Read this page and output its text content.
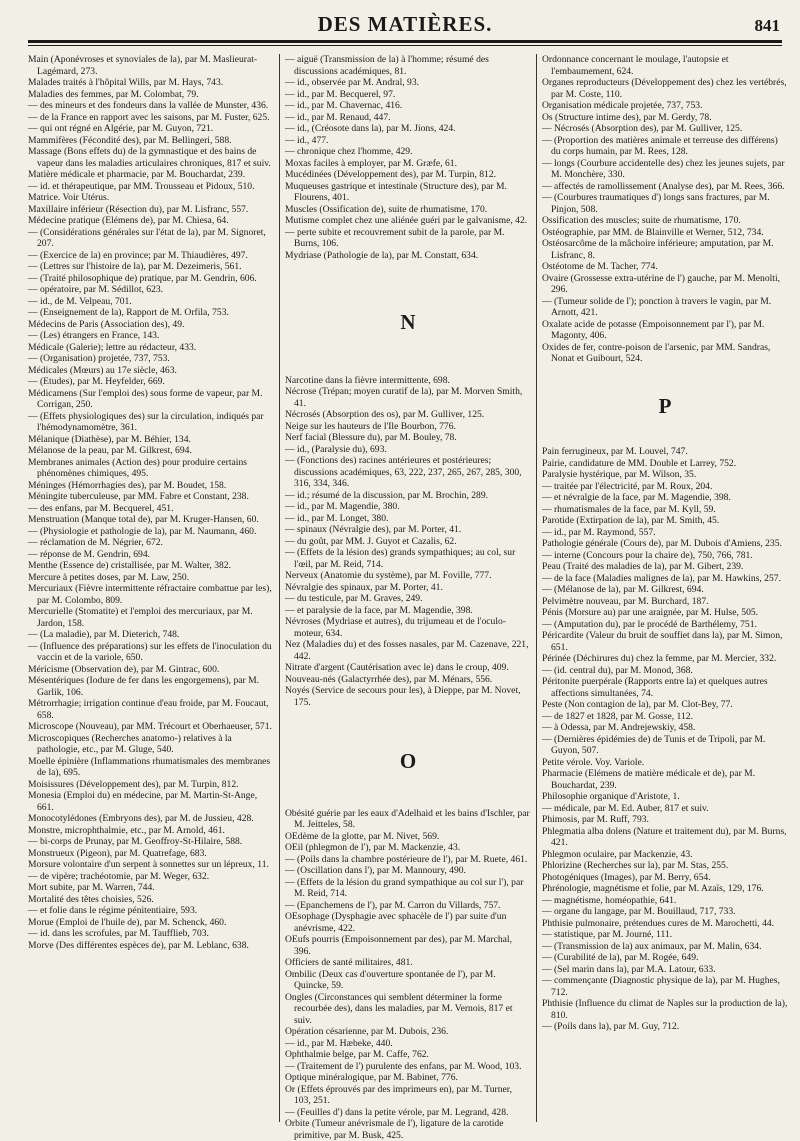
DES MATIÈRES.	841

Main (Aponévroses et synoviales de la), par M. Maslieurat-Lagémard, 273.

Malades traités à l'hôpital Wills, par M. Hays, 743.

Maladies des femmes, par M. Colombat, 79.

— des mineurs et des fondeurs dans la vallée de Munster, 436.

— de la France en rapport avec les saisons, par M. Fuster, 625.

— qui ont régné en Algérie, par M. Guyon, 721.

Mammifères (Fécondité des), par M. Bellingeri, 588.

Massage (Bons effets du) de la gymnastique et des bains de vapeur dans les maladies articulaires chroniques, 817 et suiv.

Matière médicale et pharmacie, par M. Bouchardat, 239.

— id. et thérapeutique, par MM. Trousseau et Pidoux, 510.

Matrice. Voir Utérus.

Maxillaire inférieur (Résection du), par M. Lisfranc, 557.

Médecine pratique (Elémens de), par M. Chiesa, 64.

— (Considérations générales sur l'état de la), par M. Signoret, 207.

— (Exercice de la) en province; par M. Thiaudières, 497.

— (Lettres sur l'histoire de la), par M. Dezeimeris, 561.

— (Traité philosophique de) pratique, par M. Gendrin, 606.

— opératoire, par M. Sédillot, 623.

— id., de M. Velpeau, 701.

— (Enseignement de la), Rapport de M. Orfila, 753.

Médecins de Paris (Association des), 49.

— (Les) étrangers en France, 143.

Médicale (Galerie); lettre au rédacteur, 433.

— (Organisation) projetée, 737, 753.

Médicales (Mœurs) au 17e siècle, 463.

— (Etudes), par M. Heyfelder, 669.

Médicamens (Sur l'emploi des) sous forme de vapeur, par M. Corrigan, 250.

— (Effets physiologiques des) sur la circulation, indiqués par l'hémodynamomètre, 361.

Mélanique (Diathèse), par M. Béhier, 134.

Mélanose de la peau, par M. Gilkrest, 694.

Membranes animales (Action des) pour produire certains phénomènes chimiques, 495.

Méninges (Hémorrhagies des), par M. Boudet, 158.

Méningite tuberculeuse, par MM. Fabre et Constant, 238.

— des enfans, par M. Becquerel, 451.

Menstruation (Manque total de), par M. Kruger-Hansen, 60.

— (Physiologie et pathologie de la), par M. Naumann, 460.

— réclamation de M. Négrier, 672.

— réponse de M. Gendrin, 694.

Menthe (Essence de) cristallisée, par M. Walter, 382.

Mercure à petites doses, par M. Law, 250.

Mercuriaux (Fièvre intermittente réfractaire combattue par les), par M. Colombo, 809.

Mercurielle (Stomatite) et l'emploi des mercuriaux, par M. Jardon, 158.

— (La maladie), par M. Dieterich, 748.

— (Influence des préparations) sur les effets de l'inoculation du vaccin et de la variole, 650.

Méricisme (Observation de), par M. Gintrac, 600.

Mésentériques (Iodure de fer dans les engorgemens), par M. Garlik, 106.

Métrorrhagie; irrigation continue d'eau froide, par M. Foucaut, 658.

Microscope (Nouveau), par MM. Trécourt et Oberhaeuser, 571.

Microscopiques (Recherches anatomo-) relatives à la pathologie, etc., par M. Gluge, 540.

Moelle épinière (Inflammations rhumatismales des membranes de la), 695.

Moisissures (Développement des), par M. Turpin, 812.

Monesia (Emploi du) en médecine, par M. Martin-St-Ange, 661.

Monocotylédones (Embryons des), par M. de Jussieu, 428.

Monstre, microphthalmie, etc., par M. Arnold, 461.

— bi-corps de Prunay, par M. Geoffroy-St-Hilaire, 588.

Monstrueux (Pigeon), par M. Quatrefage, 683.

Morsure volontaire d'un serpent à sonnettes sur un lépreux, 11.

— de vipère; trachéotomie, par M. Weger, 632.

Mort subite, par M. Warren, 744.

Mortalité des têtes choisies, 526.

— et folie dans le régime pénitentiaire, 593.

Morue (Emploi de l'huile de), par M. Schenck, 460.

— id. dans les scrofules, par M. Taufflieb, 703.

Morve (Des différentes espèces de), par M. Leblanc, 638.

— aiguë (Transmission de la) à l'homme; résumé des discussions académiques, 81.

— id., observée par M. Andral, 93.

— id., par M. Becquerel, 97.

— id., par M. Chavernac, 416.

— id., par M. Renaud, 447.

— id., (Créosote dans la), par M. Jions, 424.

— id., 477.

— chronique chez l'homme, 429.

Moxas faciles à employer, par M. Græfe, 61.

Mucédinées (Développement des), par M. Turpin, 812.

Muqueuses gastrique et intestinale (Structure des), par M. Flourens, 401.

Muscles (Ossification de), suite de rhumatisme, 170.

Mutisme complet chez une aliénée guéri par le galvanisme, 42.

— perte subite et recouvrement subit de la parole, par M. Burns, 106.

Mydriase (Pathologie de la), par M. Constatt, 634.

N

Narcotine dans la fièvre intermittente, 698.

Nécrose (Trépan; moyen curatif de la), par M. Morven Smith, 41.

Nécrosés (Absorption des os), par M. Gulliver, 125.

Neige sur les hauteurs de l'Ile Bourbon, 776.

Nerf facial (Blessure du), par M. Bouley, 78.

— id., (Paralysie du), 693.

— (Fonctions des) racines antérieures et postérieures; discussions académiques, 63, 222, 237, 265, 267, 285, 300, 316, 334, 346.

— id.; résumé de la discussion, par M. Brochin, 289.

— id., par M. Magendie, 380.

— id., par M. Longet, 380.

— spinaux (Névralgie des), par M. Porter, 41.

— du goût, par MM. J. Guyot et Cazalis, 62.

— (Effets de la lésion des) grands sympathiques; au col, sur l'œil, par M. Reid, 714.

Nerveux (Anatomie du système), par M. Foville, 777.

Névralgie des spinaux, par M. Porter, 41.

— du testicule, par M. Graves, 249.

— et paralysie de la face, par M. Magendie, 398.

Névroses (Mydriase et autres), du trijumeau et de l'oculo-moteur, 634.

Nez (Maladies du) et des fosses nasales, par M. Cazenave, 221, 442.

Nitrate d'argent (Cautérisation avec le) dans le croup, 409.

Nouveau-nés (Galactyrrhée des), par M. Ménars, 556.

Noyés (Service de secours pour les), à Dieppe, par M. Novet, 175.

O

Obésité guérie par les eaux d'Adelhaid et les bains d'Ischler, par M. Jeitteles, 58.

OEdème de la glotte, par M. Nivet, 569.

OEil (phlegmon de l'), par M. Mackenzie, 43.

— (Poils dans la chambre postérieure de l'), par M. Ruete, 461.

— (Oscillation dans l'), par M. Mannoury, 490.

— (Effets de la lésion du grand sympathique au col sur l'), par M. Reid, 714.

— (Epanchemens de l'), par M. Carron du Villards, 757.

OEsophage (Dysphagie avec sphacèle de l') par suite d'un anévrisme, 422.

OEufs pourris (Empoisonnement par des), par M. Marchal, 396.

Officiers de santé militaires, 481.

Ombilic (Deux cas d'ouverture spontanée de l'), par M. Quincke, 59.

Ongles (Circonstances qui semblent déterminer la forme recourbée des), dans les maladies, par M. Vernois, 817 et suiv.

Opération césarienne, par M. Dubois, 236.

— id., par M. Hæbeke, 440.

Ophthalmie belge, par M. Caffe, 762.

— (Traitement de l') purulente des enfans, par M. Wood, 103.

Optique minéralogique, par M. Babinet, 776.

Or (Effets éprouvés par des imprimeurs en), par M. Turner, 103, 251.

— (Feuilles d') dans la petite vérole, par M. Legrand, 428.

Orbite (Tumeur anévrismale de l'), ligature de la carotide primitive, par M. Busk, 425.

Ordonnance concernant le moulage, l'autopsie et l'embaumement, 624.

Organes reproducteurs (Développement des) chez les vertébrés, par M. Coste, 110.

Organisation médicale projetée, 737, 753.

Os (Structure intime des), par M. Gerdy, 78.

— Nécrosés (Absorption des), par M. Gulliver, 125.

— (Proportion des matières animale et terreuse des différens) du corps humain, par M. Rees, 128.

— longs (Courbure accidentelle des) chez les jeunes sujets, par M. Monchère, 330.

— affectés de ramollissement (Analyse des), par M. Rees, 366.

— (Courbures traumatiques d') longs sans fractures, par M. Pinjon, 508.

Ossification des muscles; suite de rhumatisme, 170.

Ostéographie, par MM. de Blainville et Werner, 512, 734.

Ostéosarcôme de la mâchoire inférieure; amputation, par M. Lisfranc, 8.

Ostéotome de M. Tacher, 774.

Ovaire (Grossesse extra-utérine de l') gauche, par M. Menolti, 296.

— (Tumeur solide de l'); ponction à travers le vagin, par M. Arnott, 421.

Oxalate acide de potasse (Empoisonnement par l'), par M. Magonty, 406.

Oxides de fer, contre-poison de l'arsenic, par MM. Sandras, Nonat et Guibourt, 524.

P

Pain ferrugineux, par M. Louvel, 747.

Pairie, candidature de MM. Double et Larrey, 752.

Paralysie hystérique, par M. Wilson, 35.

— traitée par l'électricité, par M. Roux, 204.

— et névralgie de la face, par M. Magendie, 398.

— rhumatismales de la face, par M. Kyll, 59.

Parotide (Extirpation de la), par M. Smith, 45.

— id., par M. Raymond, 557.

Pathologie générale (Cours de), par M. Dubois d'Amiens, 235.

— interne (Concours pour la chaire de), 750, 766, 781.

Peau (Traité des maladies de la), par M. Gibert, 239.

— de la face (Maladies malignes de la), par M. Hawkins, 257.

— (Mélanose de la), par M. Gilkrest, 694.

Pelvimètre nouveau, par M. Burchard, 187.

Pénis (Morsure au) par une araignée, par M. Hulse, 505.

— (Amputation du), par le procédé de Barthélemy, 751.

Péricardite (Valeur du bruit de souffiet dans la), par M. Simon, 651.

Périnée (Déchirures du) chez la femme, par M. Mercier, 332.

— (id. central du), par M. Monod, 368.

Péritonite puerpérale (Rapports entre la) et quelques autres affections simultanées, 74.

Peste (Non contagion de la), par M. Clot-Bey, 77.

— de 1827 et 1828, par M. Gosse, 112.

— à Odessa, par M. Andrejewskiy, 458.

— (Dernières épidémies de) de Tunis et de Tripoli, par M. Guyon, 507.

Petite vérole. Voy. Variole.

Pharmacie (Elémens de matière médicale et de), par M. Bouchardat, 239.

Philosophie organique d'Aristote, 1.

— médicale, par M. Ed. Auber, 817 et suiv.

Phimosis, par M. Ruff, 793.

Phlegmatia alba dolens (Nature et traitement du), par M. Burns, 421.

Phlegmon oculaire, par Mackenzie, 43.

Phlorizine (Recherches sur la), par M. Stas, 255.

Photogéniques (Images), par M. Berry, 654.

Phrénologie, magnétisme et folie, par M. Azaïs, 129, 176.

— magnétisme, homéopathie, 641.

— organe du langage, par M. Bouillaud, 717, 733.

Phthisie pulmonaire, prétendues cures de M. Marochetti, 44.

— statistique, par M. Journé, 111.

— (Transmission de la) aux animaux, par M. Malin, 634.

— (Curabilité de la), par M. Rogée, 649.

— (Sel marin dans la), par M.A. Latour, 633.

— commençante (Diagnostic physique de la), par M. Hughes, 712.

Phthisie (Influence du climat de Naples sur la production de la), 810.

— (Poils dans la), par M. Guy, 712.
